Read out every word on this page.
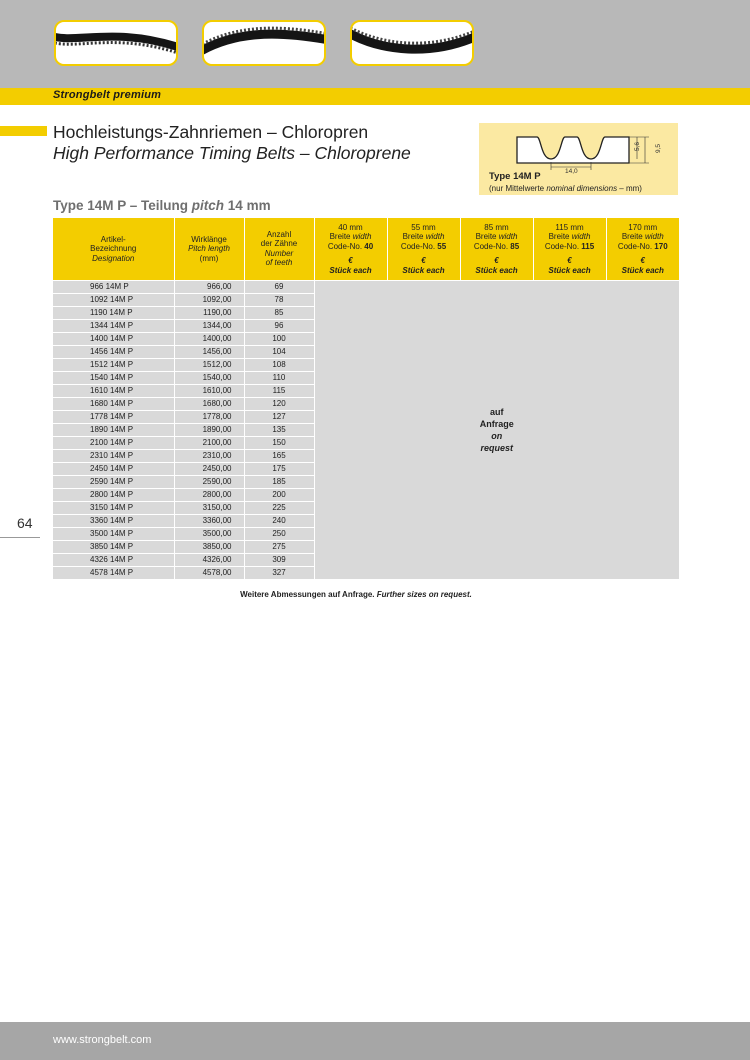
Strongbelt premium
Hochleistungs-Zahnriemen – Chloropren
High Performance Timing Belts – Chloroprene
14,0
5,6 9,5
Type 14M P
(nur Mittelwerte nominal dimensions – mm)
Type 14M P – Teilung pitch 14 mm
Artikel-
Bezeichnung
Designation	Wirklänge
Pitch length
(mm)	Anzahl
der Zähne
Number
of teeth	40 mm
Breite width
Code-No. 40
€
Stück each	55 mm
Breite width
Code-No. 55
€
Stück each	85 mm
Breite width
Code-No. 85
€
Stück each	115 mm
Breite width
Code-No. 115
€
Stück each	170 mm
Breite width
Code-No. 170
€
Stück each

966 14M P	966,00	69	auf
Anfrage
on
request				

1092 14M P	1092,00	78					
1190 14M P	1190,00	85					
1344 14M P	1344,00	96					
1400 14M P	1400,00	100					
1456 14M P	1456,00	104					
1512 14M P	1512,00	108					
1540 14M P	1540,00	110					
1610 14M P	1610,00	115					
1680 14M P	1680,00	120					
1778 14M P	1778,00	127					
1890 14M P	1890,00	135					
2100 14M P	2100,00	150					
2310 14M P	2310,00	165					
2450 14M P	2450,00	175					
2590 14M P	2590,00	185					
2800 14M P	2800,00	200					
3150 14M P	3150,00	225					
3360 14M P	3360,00	240					
3500 14M P	3500,00	250					
3850 14M P	3850,00	275					
4326 14M P	4326,00	309					
4578 14M P	4578,00	327					
64
Weitere Abmessungen auf Anfrage. Further sizes on request.
www.strongbelt.com
